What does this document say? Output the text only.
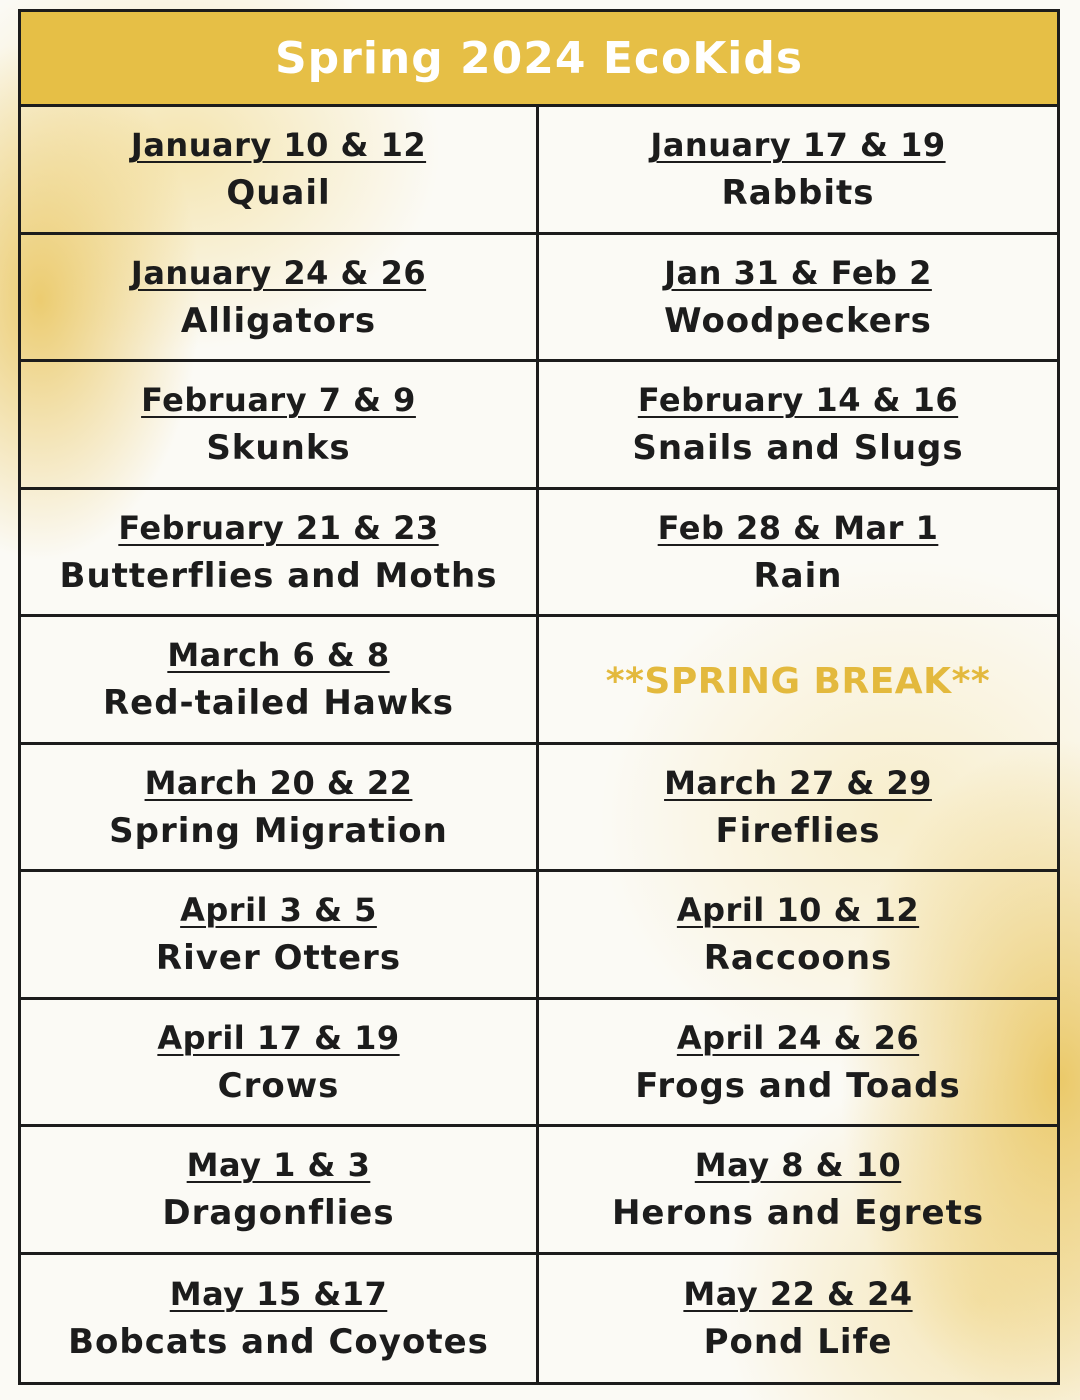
Spring 2024 EcoKids
January 10 & 12
Quail
January 17 & 19
Rabbits
January 24 & 26
Alligators
Jan 31 & Feb 2
Woodpeckers
February 7 & 9
Skunks
February 14 & 16
Snails and Slugs
February 21 & 23
Butterflies and Moths
Feb 28 & Mar 1
Rain
March 6 & 8
Red-tailed Hawks
**SPRING BREAK**
March 20 & 22
Spring Migration
March 27 & 29
Fireflies
April 3 & 5
River Otters
April 10 & 12
Raccoons
April 17 & 19
Crows
April 24 & 26
Frogs and Toads
May 1 & 3
Dragonflies
May 8 & 10
Herons and Egrets
May 15 &17
Bobcats and Coyotes
May 22 & 24
Pond Life
